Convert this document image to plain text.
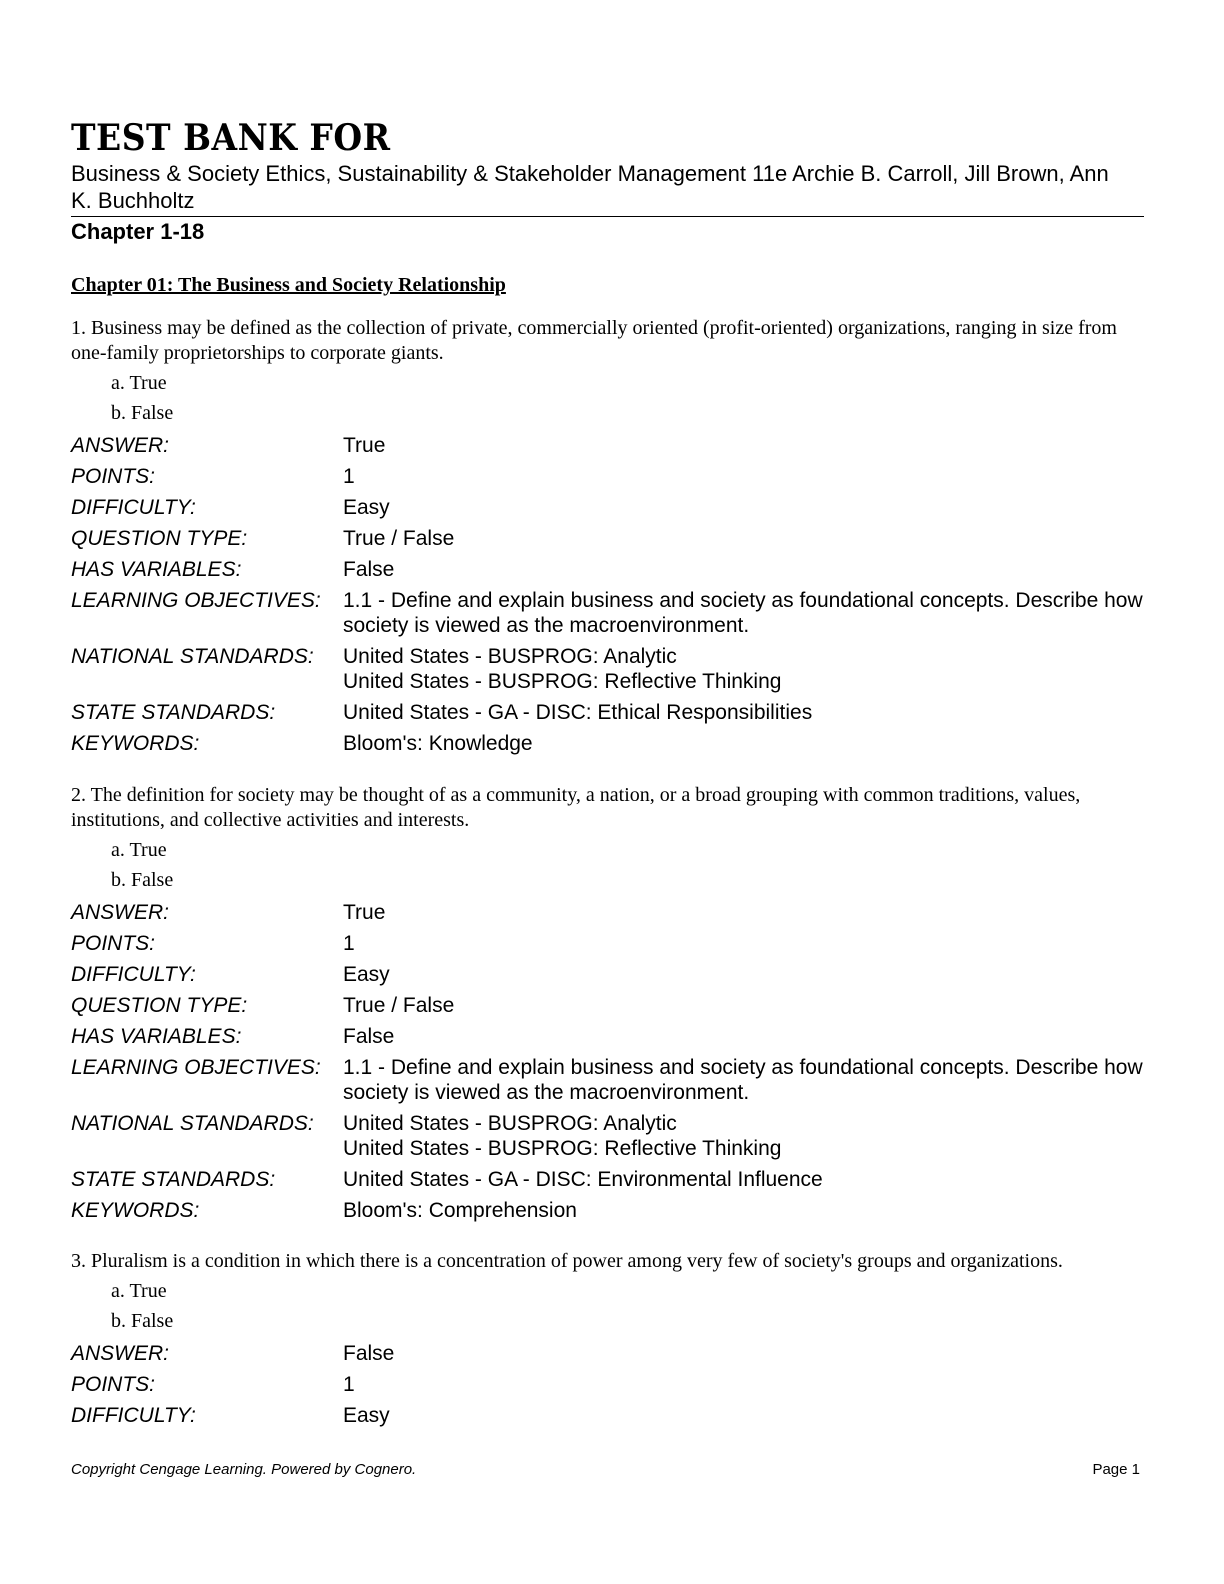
TEST BANK FOR
Business & Society Ethics, Sustainability & Stakeholder Management 11e Archie B. Carroll, Jill Brown, Ann K. Buchholtz
Chapter 1-18
Chapter 01: The Business and Society Relationship

1. Business may be defined as the collection of private, commercially oriented (profit-oriented) organizations, ranging in size from one-family proprietorships to corporate giants.

a. True
b. False
ANSWER:	True
POINTS:	1
DIFFICULTY:	Easy
QUESTION TYPE:	True / False
HAS VARIABLES:	False
LEARNING OBJECTIVES:	1.1 - Define and explain business and society as foundational concepts. Describe how society is viewed as the macroenvironment.
NATIONAL STANDARDS:	United States - BUSPROG: Analytic
United States - BUSPROG: Reflective Thinking
STATE STANDARDS:	United States - GA - DISC: Ethical Responsibilities
KEYWORDS:	Bloom's: Knowledge

2. The definition for society may be thought of as a community, a nation, or a broad grouping with common traditions, values, institutions, and collective activities and interests.

a. True
b. False
ANSWER:	True
POINTS:	1
DIFFICULTY:	Easy
QUESTION TYPE:	True / False
HAS VARIABLES:	False
LEARNING OBJECTIVES:	1.1 - Define and explain business and society as foundational concepts. Describe how society is viewed as the macroenvironment.
NATIONAL STANDARDS:	United States - BUSPROG: Analytic
United States - BUSPROG: Reflective Thinking
STATE STANDARDS:	United States - GA - DISC: Environmental Influence
KEYWORDS:	Bloom's: Comprehension

3. Pluralism is a condition in which there is a concentration of power among very few of society's groups and organizations.

a. True
b. False
ANSWER:	False
POINTS:	1
DIFFICULTY:	Easy
Copyright Cengage Learning. Powered by Cognero.	Page 1
